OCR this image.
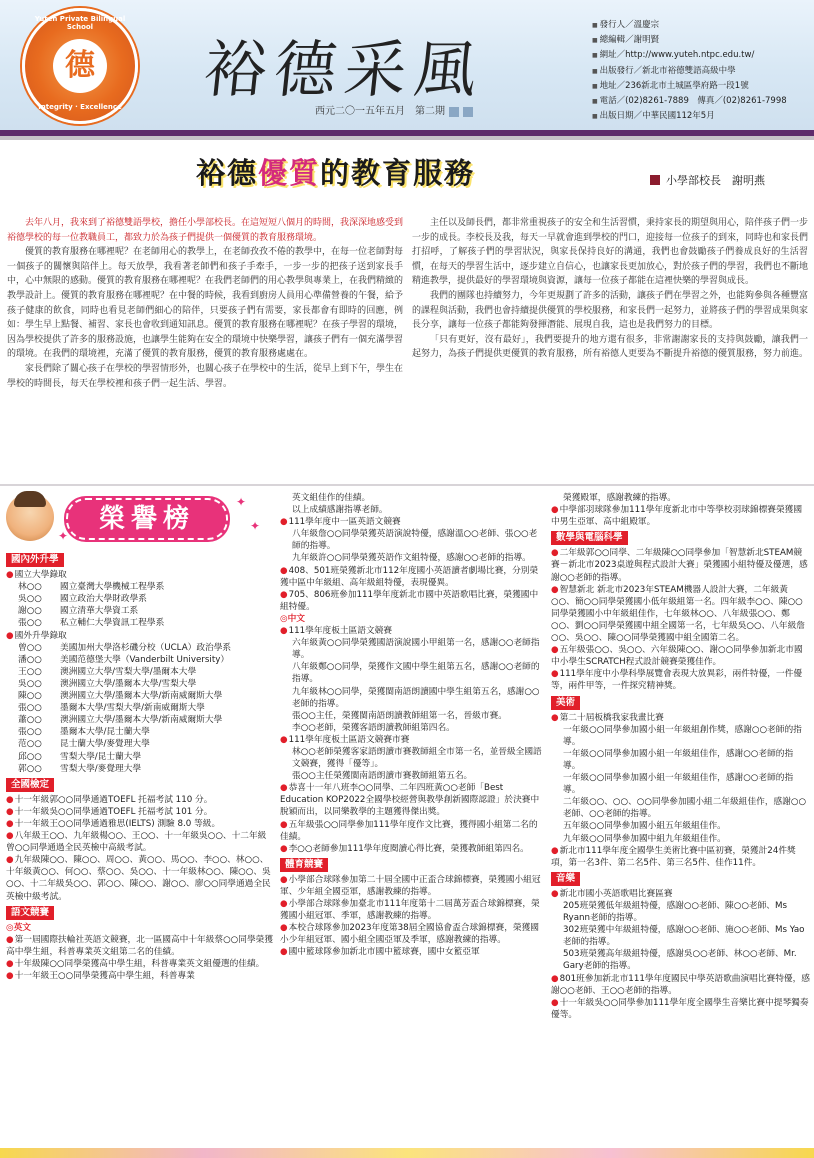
Yuteh Private Bilingual School
德
Integrity · Excellence
裕德采風
西元二〇一五年五月　第二期
■ 發行人／溫慶宗
■ 總編輯／謝明賢
■ 網址／http://www.yuteh.ntpc.edu.tw/
■ 出版發行／新北市裕德雙語高級中學
■ 地址／236新北市土城區學府路一段1號
■ 電話／(02)8261-7889　傳真／(02)8261-7998
■ 出版日期／中華民國112年5月
裕德優質的教育服務	小學部校長　謝明燕

去年八月，我來到了裕德雙語學校，擔任小學部校長。在這短短八個月的時間，我深深地感受到裕德學校的每一位教職員工，都致力於為孩子們提供一個優質的教育服務環境。

優質的教育服務在哪裡呢？在老師用心的教學上，在老師孜孜不倦的教學中，在每一位老師對每一個孩子的關懷與陪伴上。每天放學，我看著老師們和孩子手牽手，一步一步的把孩子送到家長手中，心中無限的感動。優質的教育服務在哪裡呢？在我們老師們的用心教學與專業上，在我們精緻的教學設計上。優質的教育服務在哪裡呢？在中餐的時候，我看到廚房人員用心準備營養的午餐，給予孩子健康的飲食，同時也看見老師們細心的陪伴，只要孩子們有需要，家長都會有即時的回應，例如：學生早上點餐、補習、家長也會收到通知訊息。優質的教育服務在哪裡呢？在孩子學習的環境，因為學校提供了許多的服務設施，也讓學生能夠在安全的環境中快樂學習，讓孩子們有一個充滿學習的環境。在我們的環境裡，充滿了優質的教育服務，優質的教育服務處處在。

家長們除了關心孩子在學校的學習情形外，也關心孩子在學校中的生活，從早上到下午，學生在學校的時間長，每天在學校裡和孩子們一起生活、學習。

主任以及師長們，都非常重視孩子的安全和生活習慣，秉持家長的期望與用心，陪伴孩子們一步一步的成長。李校長及我，每天一早就會進到學校的門口，迎接每一位孩子的到來，同時也和家長們打招呼，了解孩子們的學習狀況，與家長保持良好的溝通，我們也會鼓勵孩子們養成良好的生活習慣，在每天的學習生活中，逐步建立自信心，也讓家長更加放心，對於孩子們的學習，我們也不斷地精進教學，提供最好的學習環境與資源，讓每一位孩子都能在這裡快樂的學習與成長。

我們的團隊也持續努力，今年更規劃了許多的活動，讓孩子們在學習之外，也能夠參與各種豐富的課程與活動，我們也會持續提供優質的學校服務，和家長們一起努力，並將孩子們的學習成果與家長分享，讓每一位孩子都能夠發揮潛能、展現自我，這也是我們努力的目標。

「只有更好，沒有最好」，我們要提升的地方還有很多，非常謝謝家長的支持與鼓勵，讓我們一起努力，為孩子們提供更優質的教育服務，所有裕德人更要為不斷提升裕德的優質服務，努力前進。

榮譽榜
✦
✦
✦
國內外升學

● 國立大學錄取

林○○	國立臺灣大學機械工程學系
吳○○	國立政治大學財政學系
謝○○	國立清華大學資工系
張○○	私立輔仁大學資訊工程學系

● 國外升學錄取

曾○○	美國加州大學洛杉磯分校（UCLA）政治學系
潘○○	美國范德堡大學（Vanderbilt University）
王○○	澳洲國立大學/雪梨大學/墨爾本大學
吳○○	澳洲國立大學/墨爾本大學/雪梨大學
陳○○	澳洲國立大學/墨爾本大學/新南威爾斯大學
張○○	墨爾本大學/雪梨大學/新南威爾斯大學
蕭○○	澳洲國立大學/墨爾本大學/新南威爾斯大學
張○○	墨爾本大學/昆士蘭大學
范○○	昆士蘭大學/麥覺理大學
邱○○	雪梨大學/昆士蘭大學
郭○○	雪梨大學/麥覺理大學
全國檢定

● 十一年級郭○○同學通過TOEFL 托福考試 110 分。

● 十一年級吳○○同學通過TOEFL 托福考試 101 分。

● 十一年級王○○同學通過雅思(IELTS) 測驗 8.0 等級。

● 八年級王○○、九年級楊○○、王○○、十一年級吳○○、十二年級曾○○同學通過全民英檢中高級考試。

● 九年級陳○○、陳○○、周○○、黃○○、馬○○、李○○、林○○、十年級黃○○、何○○、蔡○○、吳○○、十一年級林○○、陳○○、吳○○、十二年級吳○○、郭○○、陳○○、謝○○、廖○○同學通過全民英檢中級考試。

語文競賽

◎英文

● 第一屆國際扶輪社英語文競賽，北一區國高中十年級蔡○○同學榮獲高中學生組，科普專業英文組第二名的佳績。

● 十年級陳○○同學榮獲高中學生組，科普專業英文組優選的佳績。

● 十一年級王○○同學榮獲高中學生組，科普專業

英文組佳作的佳績。

以上成績感謝指導老師。

● 111學年度中一區英語文競賽

八年級詹○○同學榮獲英語演說特優，感謝溫○○老師、張○○老師的指導。

九年級許○○同學榮獲英語作文組特優，感謝○○老師的指導。

● 408、501班榮獲新北市112年度國小英語讀者劇場比賽，分別榮獲中區中年級組、高年級組特優，表現優異。

● 705、806班參加111學年度新北市國中英語歌唱比賽，榮獲國中組特優。

◎中文

● 111學年度板土區語文競賽

六年級黃○○同學榮獲國語演說國小甲組第一名，感謝○○老師指導。

八年級鄭○○同學，榮獲作文國中學生組第五名，感謝○○老師的指導。

九年級林○○同學，榮獲閩南語朗讀國中學生組第五名，感謝○○老師的指導。

張○○主任，榮獲閩南語朗讀教師組第一名，晉級市賽。

李○○老師，榮獲客語朗讀教師組第四名。

● 111學年度板土區語文競賽市賽

林○○老師榮獲客家語朗讀市賽教師組全市第一名，並晉級全國語文競賽，獲得「優等」。

張○○主任榮獲閩南語朗讀市賽教師組第五名。

● 恭喜十一年八班李○○同學、二年四班黃○○老師「Best Education KOP2022全國學校經營與教學創新國際認證」於決賽中脫穎而出，以同樂教學的主題獲得傑出獎。

● 五年級張○○同學參加111學年度作文比賽，獲得國小組第二名的佳績。

● 李○○老師參加111學年度閱讀心得比賽，榮獲教師組第四名。

體育競賽

● 小學部合球隊參加第二十屆全國中正盃合球錦標賽，榮獲國小組冠軍、少年組全國亞軍，感謝教練的指導。

● 小學部合球隊參加臺北市111年度第十二屆萬芳盃合球錦標賽，榮獲國小組冠軍、季軍，感謝教練的指導。

● 本校合球隊參加2023年度第38屆全國協會盃合球錦標賽，榮獲國小少年組冠軍、國小組全國亞軍及季軍，感謝教練的指導。

● 國中籃球隊參加新北市國中籃球賽，國中女籃亞軍

榮獲殿軍，感謝教練的指導。

● 中學部羽球隊參加111學年度新北市中等學校羽球錦標賽榮獲國中男生亞軍、高中組殿軍。

數學與電腦科學

● 二年級郭○○同學、二年級陳○○同學參加「智慧新北STEAM競賽－新北市2023桌遊與程式設計大賽」榮獲國小組特優及優選，感謝○○老師的指導。

● 智慧新北 新北市2023年STEAM機器人設計大賽，二年級黃○○、簡○○同學榮獲國小低年級組第一名。四年級李○○、陳○○同學榮獲國小中年級組佳作，七年級林○○、八年級張○○、鄭○○、劉○○同學榮獲國中組全國第一名，七年級吳○○、八年級詹○○、吳○○、陳○○同學榮獲國中組全國第二名。

● 五年級張○○、吳○○、六年級陳○○、謝○○同學參加新北市國中小學生SCRATCH程式設計競賽榮獲佳作。

● 111學年度中小學科學展覽會表現大放異彩，兩件特優，一件優等，兩件甲等，一件探究精神獎。

美術

● 第二十屆板橋我家我畫比賽

一年級○○同學參加國小組一年級組創作獎，感謝○○老師的指導。

一年級○○同學參加國小組一年級組佳作，感謝○○老師的指導。

一年級○○同學參加國小組一年級組佳作，感謝○○老師的指導。

二年級○○、○○、○○同學參加國小組二年級組佳作，感謝○○老師、○○老師的指導。

五年級○○同學參加國小組五年級組佳作。

九年級○○同學參加國中組九年級組佳作。

● 新北市111學年度全國學生美術比賽中區初賽，榮獲計24件獎項，第一名3件、第二名5件、第三名5件、佳作11件。

音樂

● 新北市國小英語歌唱比賽區賽

205班榮獲低年級組特優，感謝○○老師、陳○○老師、Ms Ryann老師的指導。

302班榮獲中年級組特優，感謝○○老師、施○○老師、Ms Yao老師的指導。

503班榮獲高年級組特優，感謝吳○○老師、林○○老師、Mr. Gary老師的指導。

● 801班參加新北市111學年度國民中學英語歌曲演唱比賽特優，感謝○○老師、王○○老師的指導。

● 十一年級吳○○同學參加111學年度全國學生音樂比賽中提琴獨奏優等。
